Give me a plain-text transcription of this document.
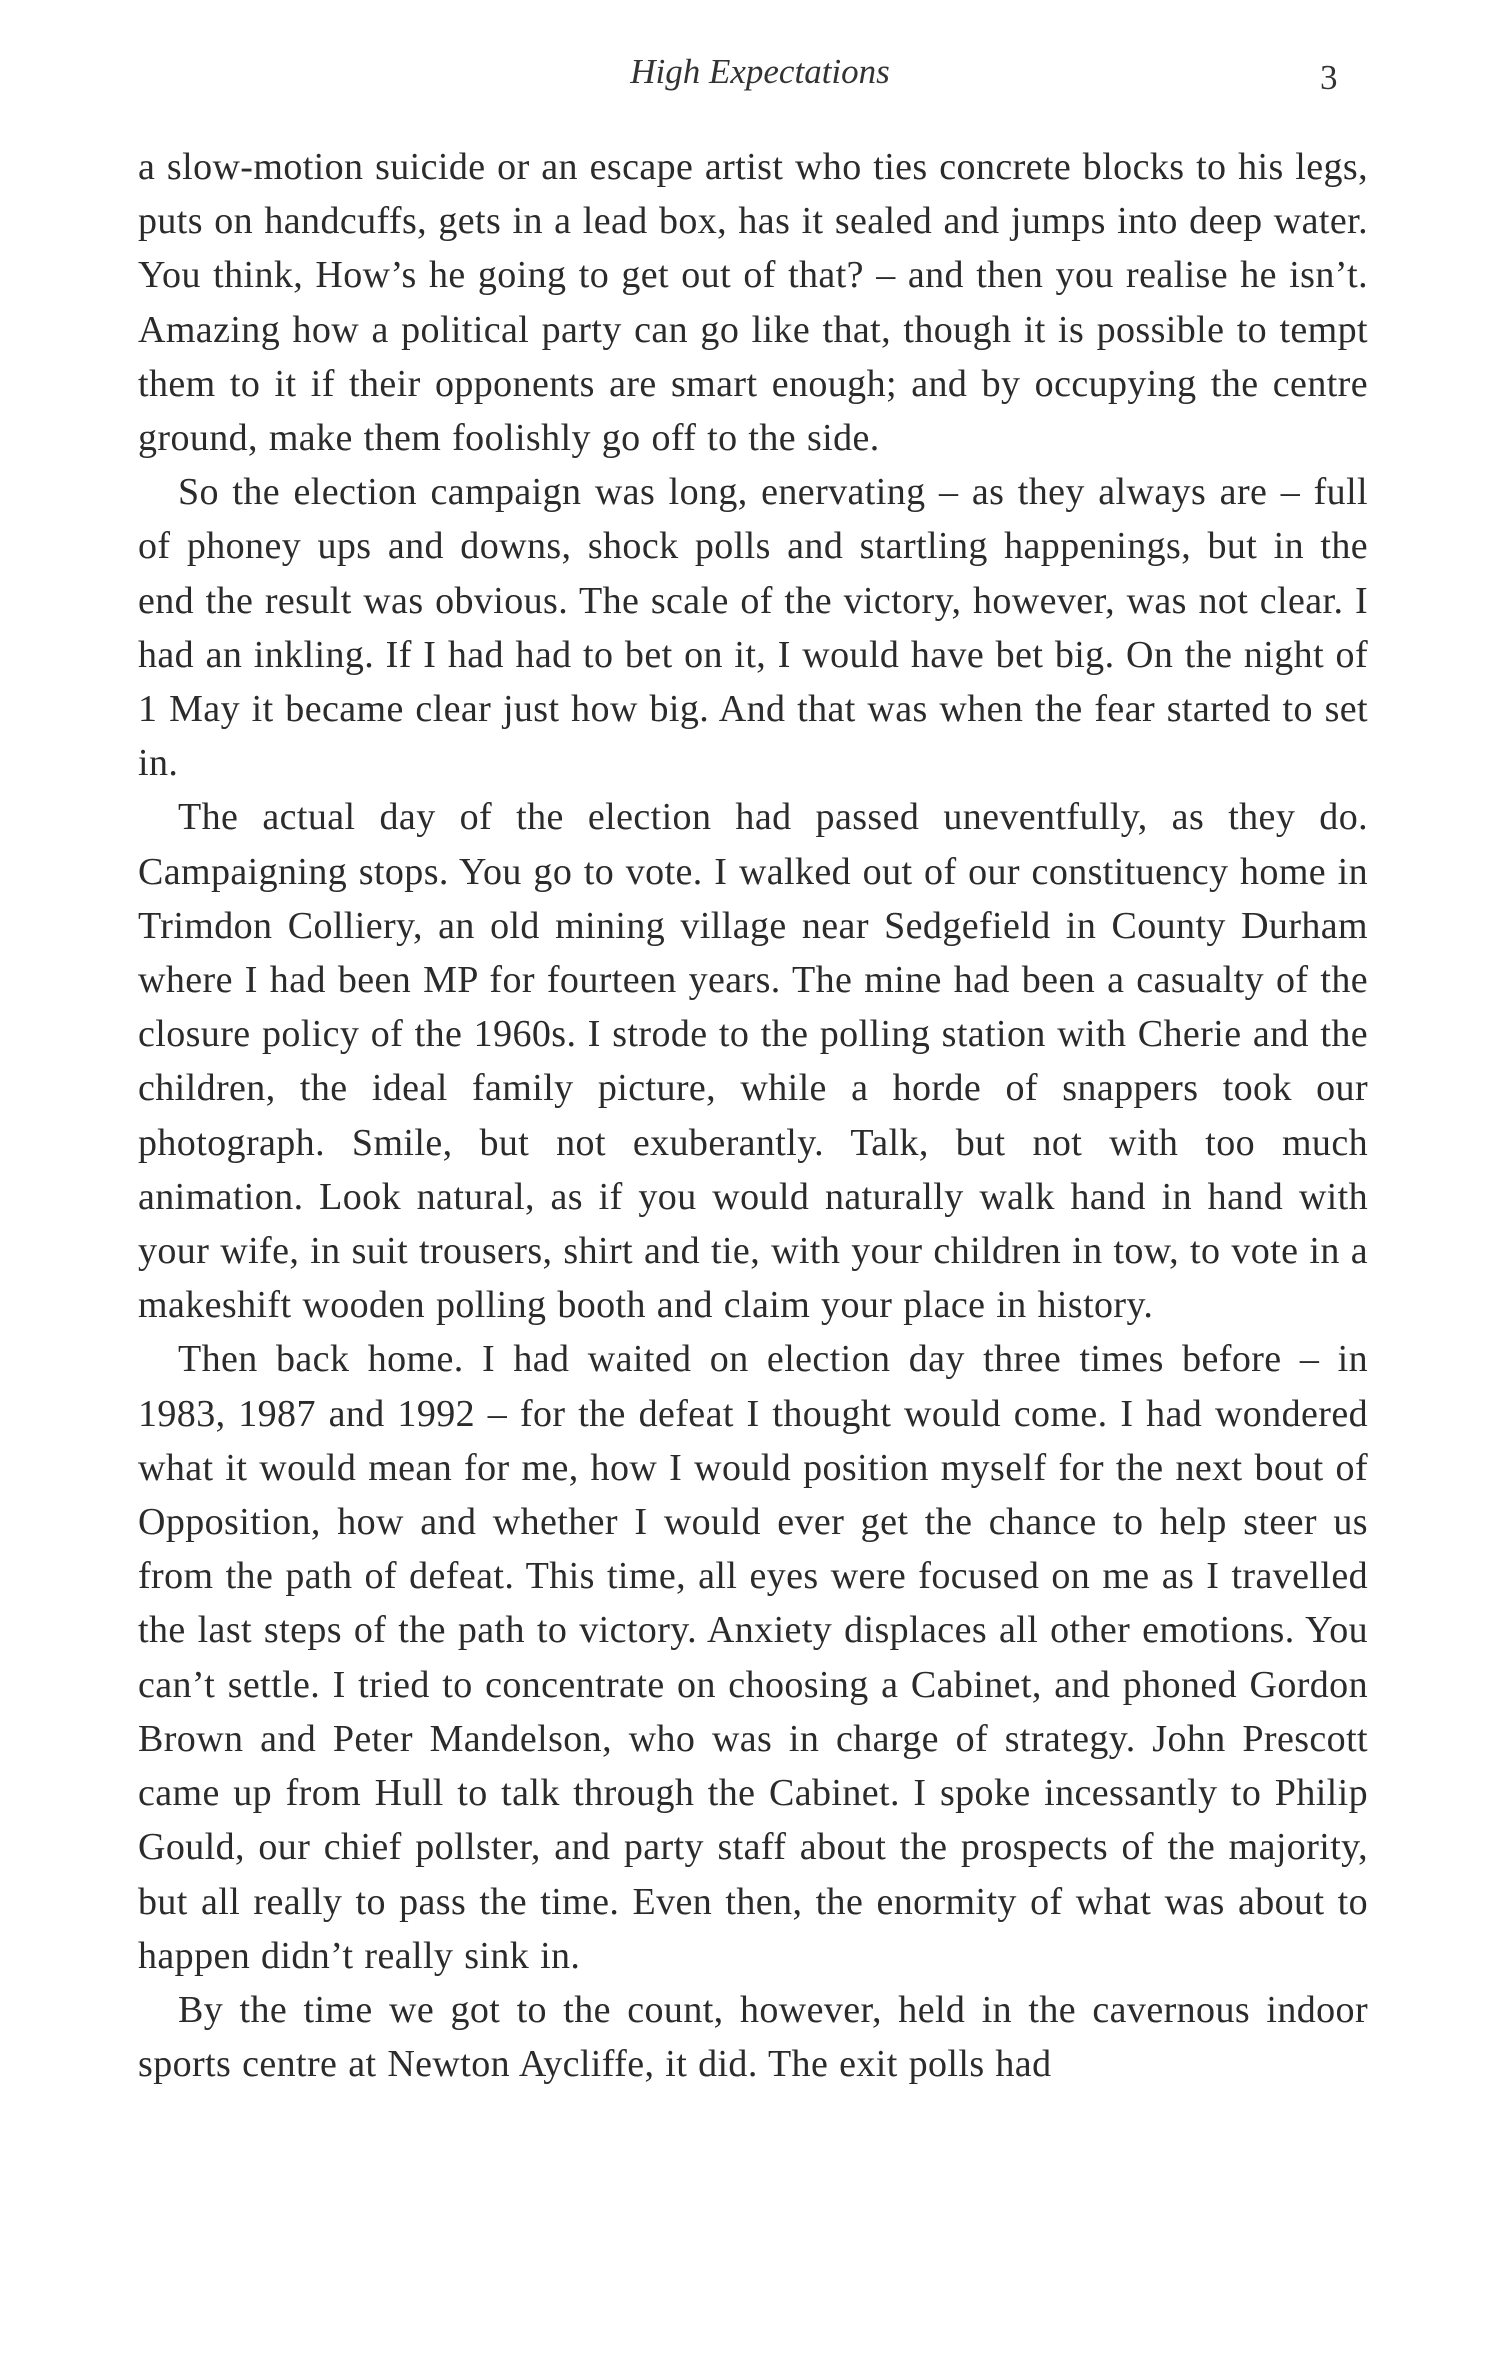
High Expectations	3

a slow-motion suicide or an escape artist who ties concrete blocks to his legs, puts on handcuffs, gets in a lead box, has it sealed and jumps into deep water. You think, How’s he going to get out of that? – and then you realise he isn’t. Amazing how a political party can go like that, though it is possible to tempt them to it if their opponents are smart enough; and by occupying the centre ground, make them foolishly go off to the side.

So the election campaign was long, enervating – as they always are – full of phoney ups and downs, shock polls and startling happenings, but in the end the result was obvious. The scale of the victory, however, was not clear. I had an inkling. If I had had to bet on it, I would have bet big. On the night of 1 May it became clear just how big. And that was when the fear started to set in.

The actual day of the election had passed uneventfully, as they do. Campaigning stops. You go to vote. I walked out of our constituency home in Trimdon Colliery, an old mining village near Sedgefield in County Durham where I had been MP for fourteen years. The mine had been a casualty of the closure policy of the 1960s. I strode to the polling station with Cherie and the children, the ideal family picture, while a horde of snappers took our photograph. Smile, but not exuberantly. Talk, but not with too much animation. Look natural, as if you would naturally walk hand in hand with your wife, in suit trousers, shirt and tie, with your children in tow, to vote in a makeshift wooden polling booth and claim your place in history.

Then back home. I had waited on election day three times before – in 1983, 1987 and 1992 – for the defeat I thought would come. I had wondered what it would mean for me, how I would position myself for the next bout of Opposition, how and whether I would ever get the chance to help steer us from the path of defeat. This time, all eyes were focused on me as I travelled the last steps of the path to victory. Anxiety displaces all other emotions. You can’t settle. I tried to concentrate on choosing a Cabinet, and phoned Gordon Brown and Peter Mandelson, who was in charge of strategy. John Prescott came up from Hull to talk through the Cabinet. I spoke incessantly to Philip Gould, our chief pollster, and party staff about the prospects of the majority, but all really to pass the time. Even then, the enormity of what was about to happen didn’t really sink in.

By the time we got to the count, however, held in the cavernous indoor sports centre at Newton Aycliffe, it did. The exit polls had
